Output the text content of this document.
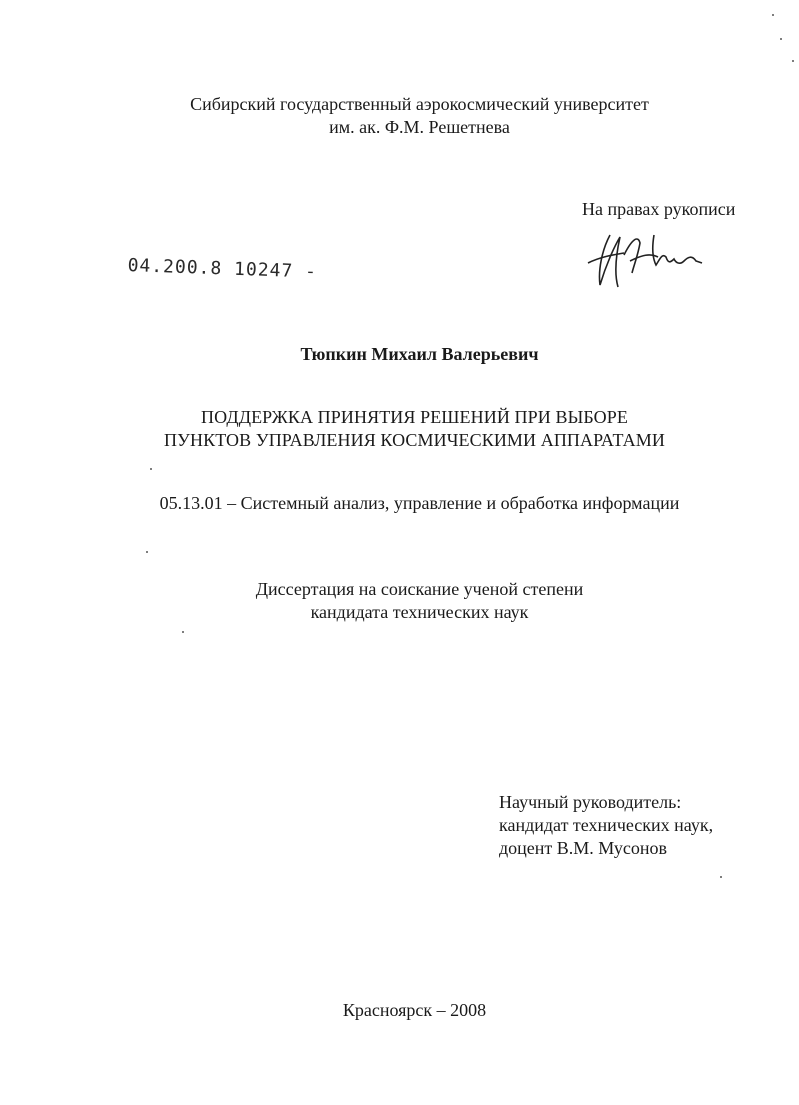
Сибирский государственный аэрокосмический университет
им. ак. Ф.М. Решетнева
На правах рукописи
04.200.8 10247 -
Тюпкин Михаил Валерьевич
ПОДДЕРЖКА ПРИНЯТИЯ РЕШЕНИЙ ПРИ ВЫБОРЕ
ПУНКТОВ УПРАВЛЕНИЯ КОСМИЧЕСКИМИ АППАРАТАМИ
05.13.01 – Системный анализ, управление и обработка информации
Диссертация на соискание ученой степени
кандидата технических наук
Научный руководитель:
кандидат технических наук,
доцент В.М. Мусонов
Красноярск – 2008
